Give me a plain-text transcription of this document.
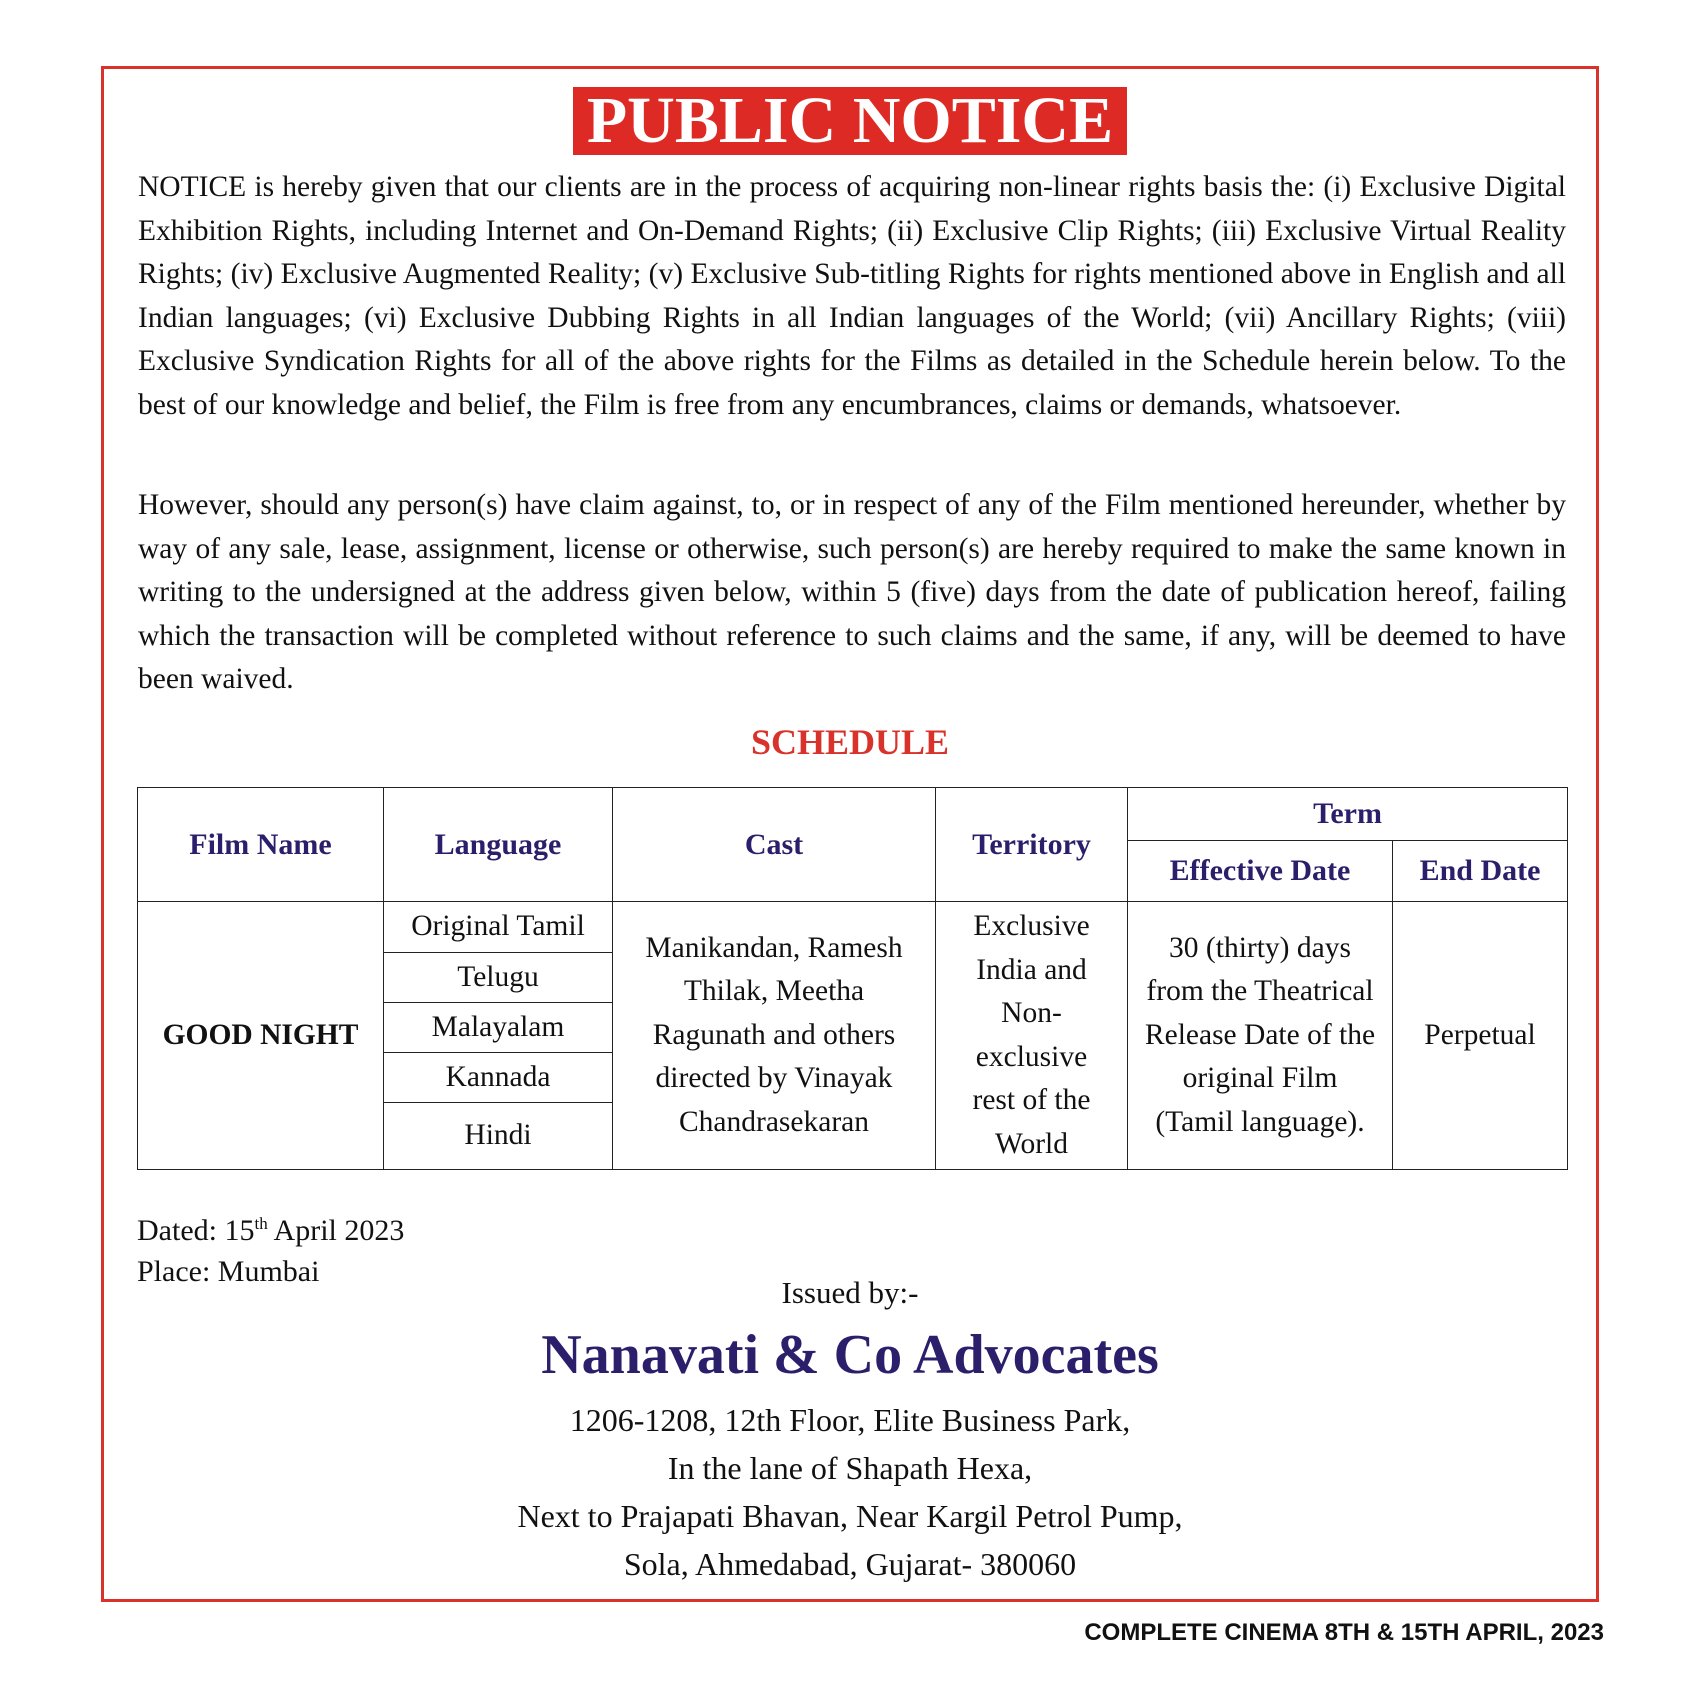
PUBLIC NOTICE

NOTICE is hereby given that our clients are in the process of acquiring non-linear rights basis the: (i) Exclusive Digital Exhibition Rights, including Internet and On-Demand Rights; (ii) Exclusive Clip Rights; (iii) Exclusive Virtual Reality Rights; (iv) Exclusive Augmented Reality; (v) Exclusive Sub-titling Rights for rights mentioned above in English and all Indian languages; (vi) Exclusive Dubbing Rights in all Indian languages of the World; (vii) Ancillary Rights; (viii) Exclusive Syndication Rights for all of the above rights for the Films as detailed in the Schedule herein below. To the best of our knowledge and belief, the Film is free from any encumbrances, claims or demands, whatsoever.

However, should any person(s) have claim against, to, or in respect of any of the Film mentioned hereunder, whether by way of any sale, lease, assignment, license or otherwise, such person(s) are hereby required to make the same known in writing to the undersigned at the address given below, within 5 (five) days from the date of publication hereof, failing which the transaction will be completed without reference to such claims and the same, if any, will be deemed to have been waived.

SCHEDULE
Film Name	Language	Cast	Territory	Term	
				Effective Date	End Date
GOOD NIGHT	Original Tamil	Manikandan, Ramesh Thilak, Meetha Ragunath and others directed by Vinayak Chandrasekaran	Exclusive India and Non-exclusive rest of the World	30 (thirty) days from the Theatrical Release Date of the original Film (Tamil language).	Perpetual
	Telugu				
	Malayalam				
	Kannada				
	Hindi				
Dated: 15th April 2023
Place: Mumbai
Issued by:-
Nanavati & Co Advocates
1206-1208, 12th Floor, Elite Business Park,
In the lane of Shapath Hexa,
Next to Prajapati Bhavan, Near Kargil Petrol Pump,
Sola, Ahmedabad, Gujarat- 380060
COMPLETE CINEMA 8TH & 15TH APRIL, 2023
